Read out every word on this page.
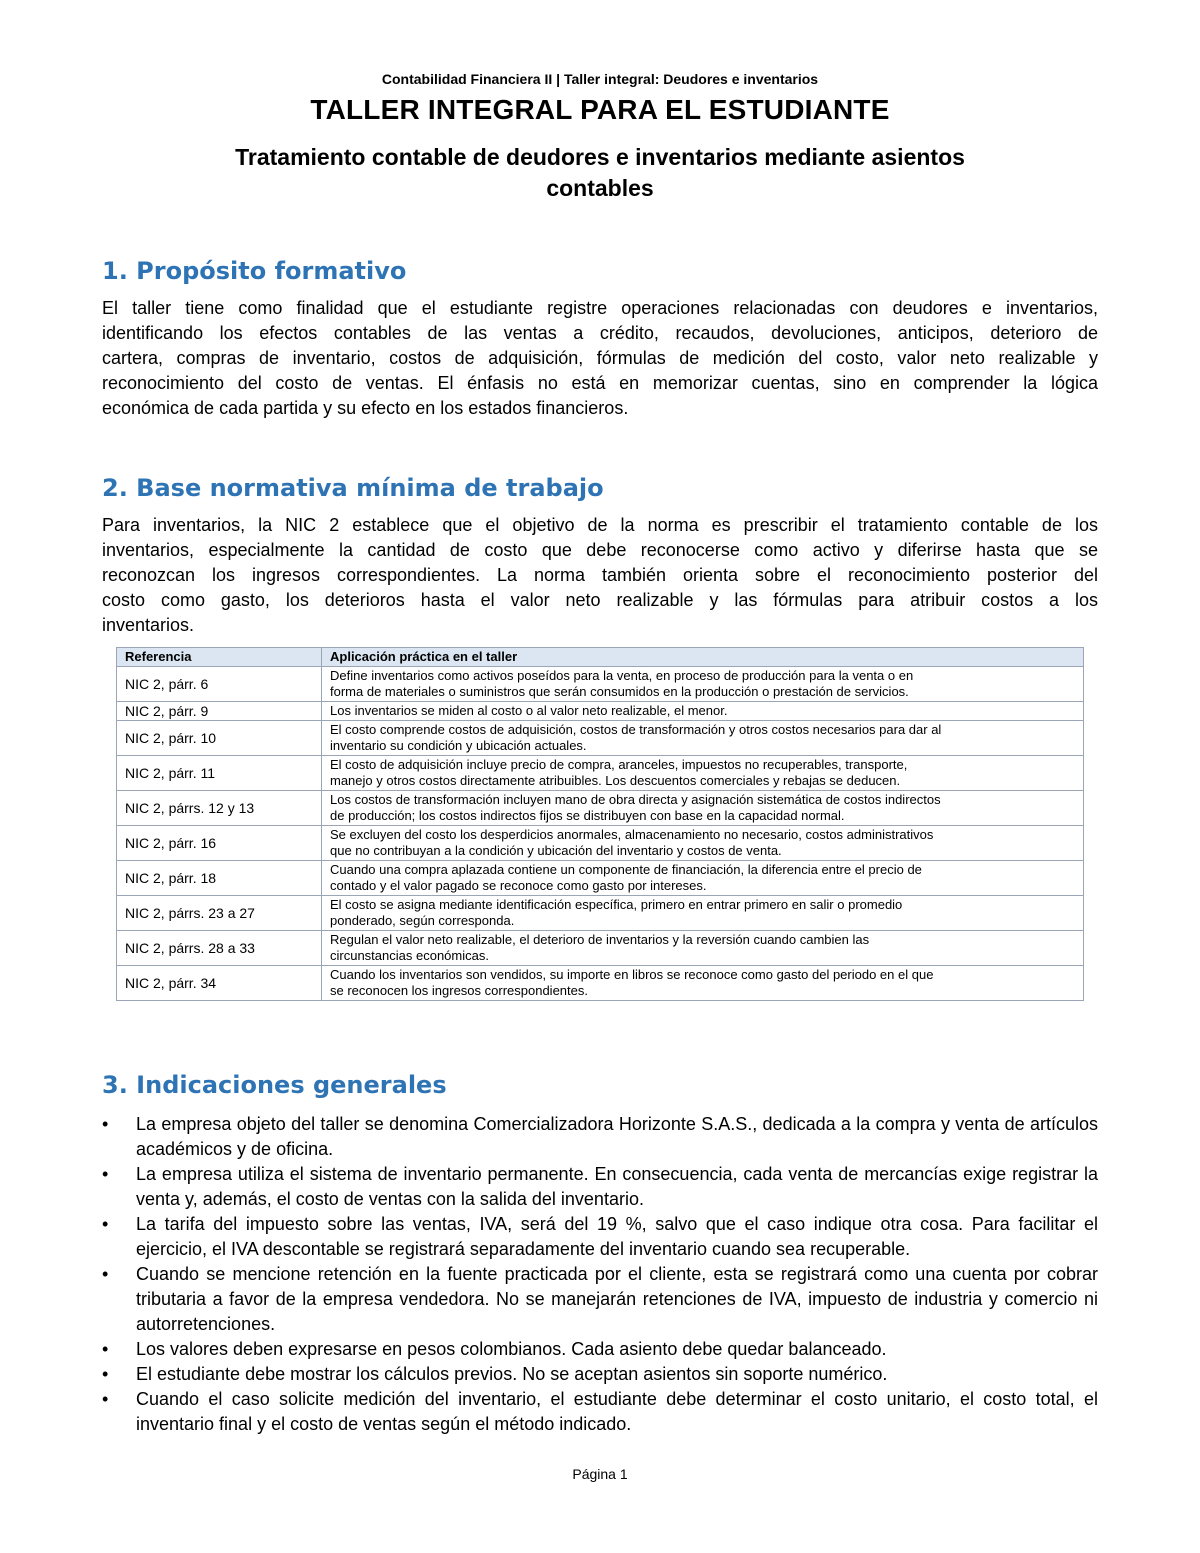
Contabilidad Financiera II | Taller integral: Deudores e inventarios
TALLER INTEGRAL PARA EL ESTUDIANTE
Tratamiento contable de deudores e inventarios mediante asientos
contables
1. Propósito formativo
El taller tiene como finalidad que el estudiante registre operaciones relacionadas con deudores e inventarios,
identificando los efectos contables de las ventas a crédito, recaudos, devoluciones, anticipos, deterioro de
cartera, compras de inventario, costos de adquisición, fórmulas de medición del costo, valor neto realizable y
reconocimiento del costo de ventas. El énfasis no está en memorizar cuentas, sino en comprender la lógica
económica de cada partida y su efecto en los estados financieros.
2. Base normativa mínima de trabajo
Para inventarios, la NIC 2 establece que el objetivo de la norma es prescribir el tratamiento contable de los
inventarios, especialmente la cantidad de costo que debe reconocerse como activo y diferirse hasta que se
reconozcan los ingresos correspondientes. La norma también orienta sobre el reconocimiento posterior del
costo como gasto, los deterioros hasta el valor neto realizable y las fórmulas para atribuir costos a los
inventarios.
Referencia	Aplicación práctica en el taller
NIC 2, párr. 6	Define inventarios como activos poseídos para la venta, en proceso de producción para la venta o en
forma de materiales o suministros que serán consumidos en la producción o prestación de servicios.

NIC 2, párr. 9	Los inventarios se miden al costo o al valor neto realizable, el menor.

NIC 2, párr. 10	El costo comprende costos de adquisición, costos de transformación y otros costos necesarios para dar al
inventario su condición y ubicación actuales.

NIC 2, párr. 11	El costo de adquisición incluye precio de compra, aranceles, impuestos no recuperables, transporte,
manejo y otros costos directamente atribuibles. Los descuentos comerciales y rebajas se deducen.

NIC 2, párrs. 12 y 13	Los costos de transformación incluyen mano de obra directa y asignación sistemática de costos indirectos
de producción; los costos indirectos fijos se distribuyen con base en la capacidad normal.

NIC 2, párr. 16	Se excluyen del costo los desperdicios anormales, almacenamiento no necesario, costos administrativos
que no contribuyan a la condición y ubicación del inventario y costos de venta.

NIC 2, párr. 18	Cuando una compra aplazada contiene un componente de financiación, la diferencia entre el precio de
contado y el valor pagado se reconoce como gasto por intereses.

NIC 2, párrs. 23 a 27	El costo se asigna mediante identificación específica, primero en entrar primero en salir o promedio
ponderado, según corresponda.

NIC 2, párrs. 28 a 33	Regulan el valor neto realizable, el deterioro de inventarios y la reversión cuando cambien las
circunstancias económicas.

NIC 2, párr. 34	Cuando los inventarios son vendidos, su importe en libros se reconoce como gasto del periodo en el que
se reconocen los ingresos correspondientes.
3. Indicaciones generales
• La empresa objeto del taller se denomina Comercializadora Horizonte S.A.S., dedicada a la compra y venta de artículos académicos y de oficina.
• La empresa utiliza el sistema de inventario permanente. En consecuencia, cada venta de mercancías exige registrar la venta y, además, el costo de ventas con la salida del inventario.
• La tarifa del impuesto sobre las ventas, IVA, será del 19 %, salvo que el caso indique otra cosa. Para facilitar el ejercicio, el IVA descontable se registrará separadamente del inventario cuando sea recuperable.
• Cuando se mencione retención en la fuente practicada por el cliente, esta se registrará como una cuenta por cobrar tributaria a favor de la empresa vendedora. No se manejarán retenciones de IVA, impuesto de industria y comercio ni autorretenciones.
• Los valores deben expresarse en pesos colombianos. Cada asiento debe quedar balanceado.
• El estudiante debe mostrar los cálculos previos. No se aceptan asientos sin soporte numérico.
• Cuando el caso solicite medición del inventario, el estudiante debe determinar el costo unitario, el costo total, el inventario final y el costo de ventas según el método indicado.
Página 1
